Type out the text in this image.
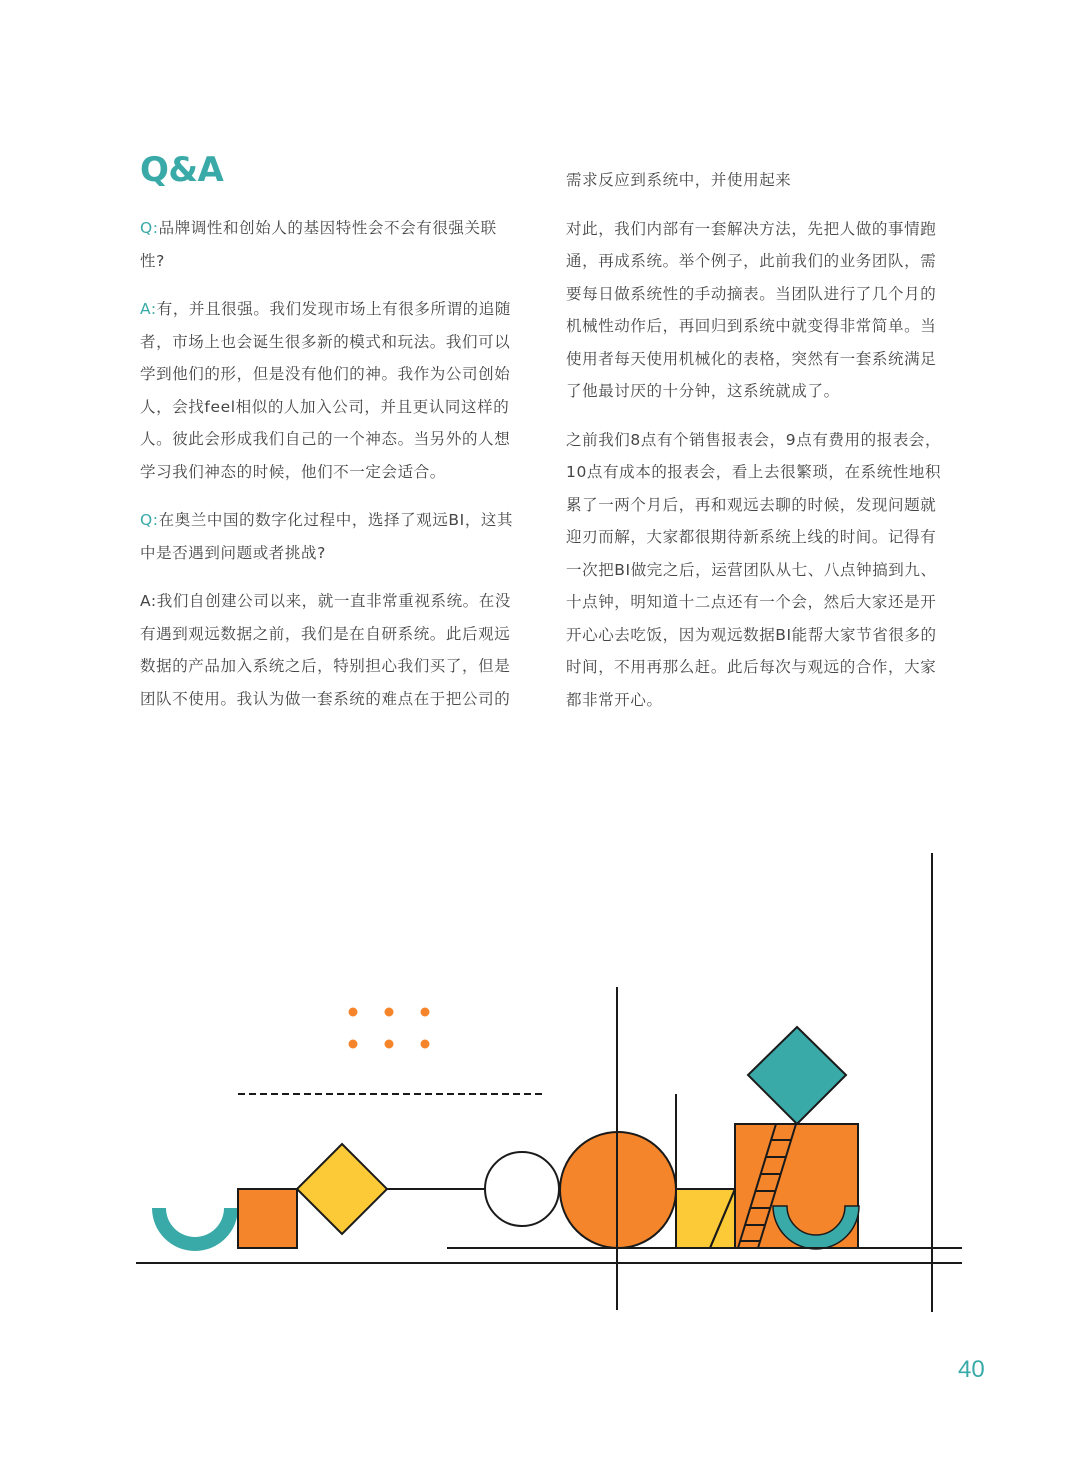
Q&A

Q:品牌调性和创始人的基因特性会不会有很强关联性?

A:有，并且很强。我们发现市场上有很多所谓的追随者，市场上也会诞生很多新的模式和玩法。我们可以学到他们的形，但是没有他们的神。我作为公司创始人，会找feel相似的人加入公司，并且更认同这样的人。彼此会形成我们自己的一个神态。当另外的人想学习我们神态的时候，他们不一定会适合。

Q:在奥兰中国的数字化过程中，选择了观远BI，这其中是否遇到问题或者挑战?

A:我们自创建公司以来，就一直非常重视系统。在没有遇到观远数据之前，我们是在自研系统。此后观远数据的产品加入系统之后，特别担心我们买了，但是团队不使用。我认为做一套系统的难点在于把公司的

需求反应到系统中，并使用起来

对此，我们内部有一套解决方法，先把人做的事情跑通，再成系统。举个例子，此前我们的业务团队，需要每日做系统性的手动摘表。当团队进行了几个月的机械性动作后，再回归到系统中就变得非常简单。当使用者每天使用机械化的表格，突然有一套系统满足了他最讨厌的十分钟，这系统就成了。

之前我们8点有个销售报表会，9点有费用的报表会，10点有成本的报表会，看上去很繁琐，在系统性地积累了一两个月后，再和观远去聊的时候，发现问题就迎刃而解，大家都很期待新系统上线的时间。记得有一次把BI做完之后，运营团队从七、八点钟搞到九、十点钟，明知道十二点还有一个会，然后大家还是开开心心去吃饭，因为观远数据BI能帮大家节省很多的时间，不用再那么赶。此后每次与观远的合作，大家都非常开心。

40
